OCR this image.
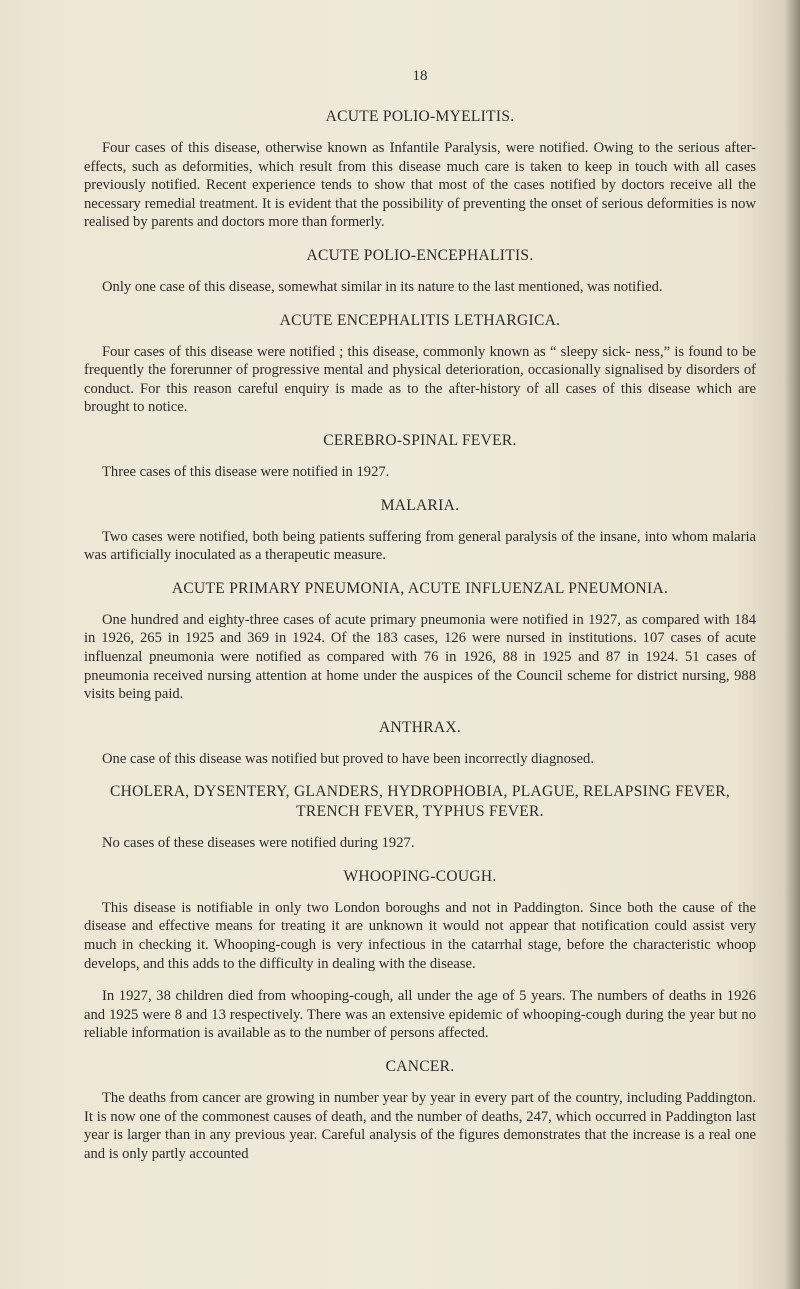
18
ACUTE POLIO-MYELITIS.

Four cases of this disease, otherwise known as Infantile Paralysis, were notified. Owing to the serious after-effects, such as deformities, which result from this disease much care is taken to keep in touch with all cases previously notified. Recent experience tends to show that most of the cases notified by doctors receive all the necessary remedial treatment. It is evident that the possibility of preventing the onset of serious deformities is now realised by parents and doctors more than formerly.

ACUTE POLIO-ENCEPHALITIS.

Only one case of this disease, somewhat similar in its nature to the last mentioned, was notified.

ACUTE ENCEPHALITIS LETHARGICA.

Four cases of this disease were notified ; this disease, commonly known as “ sleepy sick- ness,” is found to be frequently the forerunner of progressive mental and physical deterioration, occasionally signalised by disorders of conduct. For this reason careful enquiry is made as to the after-history of all cases of this disease which are brought to notice.

CEREBRO-SPINAL FEVER.

Three cases of this disease were notified in 1927.

MALARIA.

Two cases were notified, both being patients suffering from general paralysis of the insane, into whom malaria was artificially inoculated as a therapeutic measure.

ACUTE PRIMARY PNEUMONIA, ACUTE INFLUENZAL PNEUMONIA.

One hundred and eighty-three cases of acute primary pneumonia were notified in 1927, as compared with 184 in 1926, 265 in 1925 and 369 in 1924. Of the 183 cases, 126 were nursed in institutions. 107 cases of acute influenzal pneumonia were notified as compared with 76 in 1926, 88 in 1925 and 87 in 1924. 51 cases of pneumonia received nursing attention at home under the auspices of the Council scheme for district nursing, 988 visits being paid.

ANTHRAX.

One case of this disease was notified but proved to have been incorrectly diagnosed.

CHOLERA, DYSENTERY, GLANDERS, HYDROPHOBIA, PLAGUE, RELAPSING FEVER, TRENCH FEVER, TYPHUS FEVER.

No cases of these diseases were notified during 1927.

WHOOPING-COUGH.

This disease is notifiable in only two London boroughs and not in Paddington. Since both the cause of the disease and effective means for treating it are unknown it would not appear that notification could assist very much in checking it. Whooping-cough is very infectious in the catarrhal stage, before the characteristic whoop develops, and this adds to the difficulty in dealing with the disease.

In 1927, 38 children died from whooping-cough, all under the age of 5 years. The numbers of deaths in 1926 and 1925 were 8 and 13 respectively. There was an extensive epidemic of whooping-cough during the year but no reliable information is available as to the number of persons affected.

CANCER.

The deaths from cancer are growing in number year by year in every part of the country, including Paddington. It is now one of the commonest causes of death, and the number of deaths, 247, which occurred in Paddington last year is larger than in any previous year. Careful analysis of the figures demonstrates that the increase is a real one and is only partly accounted
